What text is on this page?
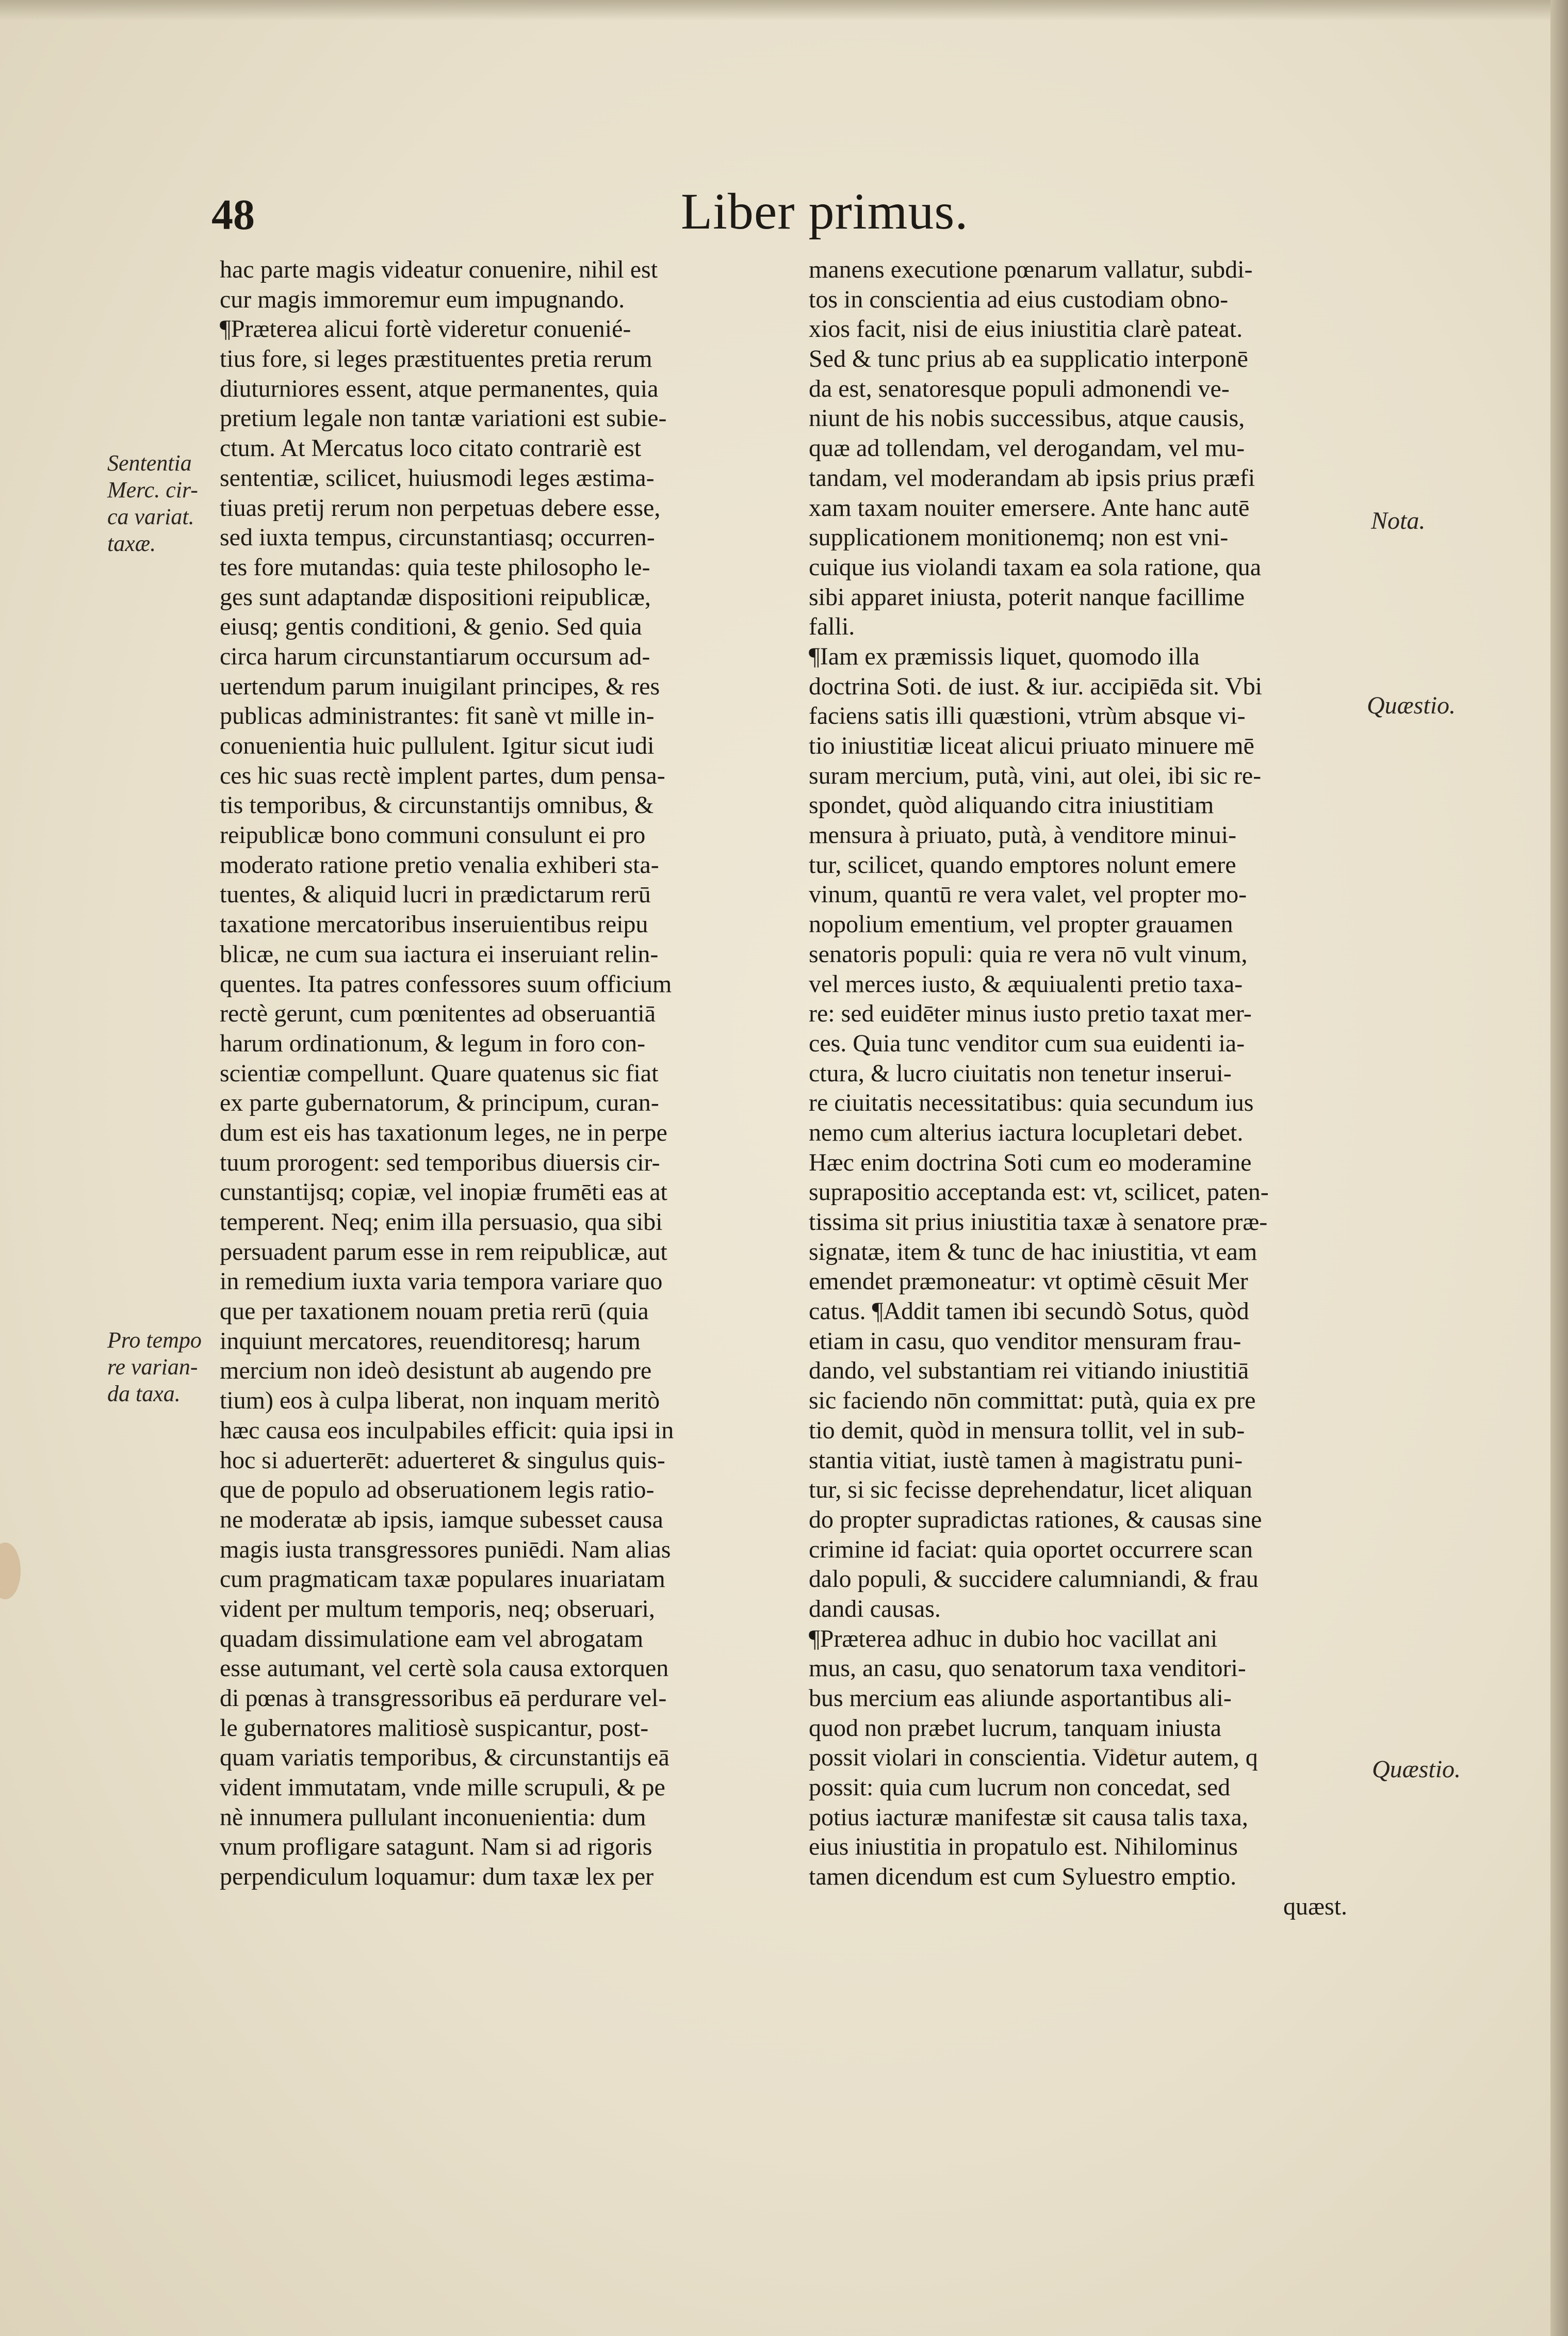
48	Liber primus.
hac parte magis videatur conuenire, nihil est
cur magis immoremur eum impugnando.
¶Præterea alicui fortè videretur conuenié-
tius fore, si leges præstituentes pretia rerum
diuturniores essent, atque permanentes, quia
pretium legale non tantæ variationi est subie-
ctum. At Mercatus loco citato contrariè est
sententiæ, scilicet, huiusmodi leges æstima-
tiuas pretij rerum non perpetuas debere esse,
sed iuxta tempus, circunstantiasq; occurren-
tes fore mutandas: quia teste philosopho le-
ges sunt adaptandæ dispositioni reipublicæ,
eiusq; gentis conditioni, & genio. Sed quia
circa harum circunstantiarum occursum ad-
uertendum parum inuigilant principes, & res
publicas administrantes: fit sanè vt mille in-
conuenientia huic pullulent. Igitur sicut iudi
ces hic suas rectè implent partes, dum pensa-
tis temporibus, & circunstantijs omnibus, &
reipublicæ bono communi consulunt ei pro
moderato ratione pretio venalia exhiberi sta-
tuentes, & aliquid lucri in prædictarum rerū
taxatione mercatoribus inseruientibus reipu
blicæ, ne cum sua iactura ei inseruiant relin-
quentes. Ita patres confessores suum officium
rectè gerunt, cum pœnitentes ad obseruantiā
harum ordinationum, & legum in foro con-
scientiæ compellunt. Quare quatenus sic fiat
ex parte gubernatorum, & principum, curan-
dum est eis has taxationum leges, ne in perpe
tuum prorogent: sed temporibus diuersis cir-
cunstantijsq; copiæ, vel inopiæ frumēti eas at
temperent. Neq; enim illa persuasio, qua sibi
persuadent parum esse in rem reipublicæ, aut
in remedium iuxta varia tempora variare quo
que per taxationem nouam pretia rerū (quia
inquiunt mercatores, reuenditoresq; harum
mercium non ideò desistunt ab augendo pre
tium) eos à culpa liberat, non inquam meritò
hæc causa eos inculpabiles efficit: quia ipsi in
hoc si aduerterēt: aduerteret & singulus quis-
que de populo ad obseruationem legis ratio-
ne moderatæ ab ipsis, iamque subesset causa
magis iusta transgressores puniēdi. Nam alias
cum pragmaticam taxæ populares inuariatam
vident per multum temporis, neq; obseruari,
quadam dissimulatione eam vel abrogatam
esse autumant, vel certè sola causa extorquen
di pœnas à transgressoribus eā perdurare vel-
le gubernatores malitiosè suspicantur, post-
quam variatis temporibus, & circunstantijs eā
vident immutatam, vnde mille scrupuli, & pe
nè innumera pullulant inconuenientia: dum
vnum profligare satagunt. Nam si ad rigoris
perpendiculum loquamur: dum taxæ lex per
manens executione pœnarum vallatur, subdi-
tos in conscientia ad eius custodiam obno-
xios facit, nisi de eius iniustitia clarè pateat.
Sed & tunc prius ab ea supplicatio interponē
da est, senatoresque populi admonendi ve-
niunt de his nobis successibus, atque causis,
quæ ad tollendam, vel derogandam, vel mu-
tandam, vel moderandam ab ipsis prius præfi
xam taxam nouiter emersere. Ante hanc autē
supplicationem monitionemq; non est vni-
cuique ius violandi taxam ea sola ratione, qua
sibi apparet iniusta, poterit nanque facillime
falli.
¶Iam ex præmissis liquet, quomodo illa
doctrina Soti. de iust. & iur. accipiēda sit. Vbi
faciens satis illi quæstioni, vtrùm absque vi-
tio iniustitiæ liceat alicui priuato minuere mē
suram mercium, putà, vini, aut olei, ibi sic re-
spondet, quòd aliquando citra iniustitiam
mensura à priuato, putà, à venditore minui-
tur, scilicet, quando emptores nolunt emere
vinum, quantū re vera valet, vel propter mo-
nopolium ementium, vel propter grauamen
senatoris populi: quia re vera nō vult vinum,
vel merces iusto, & æquiualenti pretio taxa-
re: sed euidēter minus iusto pretio taxat mer-
ces. Quia tunc venditor cum sua euidenti ia-
ctura, & lucro ciuitatis non tenetur inserui-
re ciuitatis necessitatibus: quia secundum ius
nemo cum alterius iactura locupletari debet.
Hæc enim doctrina Soti cum eo moderamine
suprapositio acceptanda est: vt, scilicet, paten-
tissima sit prius iniustitia taxæ à senatore præ-
signatæ, item & tunc de hac iniustitia, vt eam
emendet præmoneatur: vt optimè cēsuit Mer
catus. ¶Addit tamen ibi secundò Sotus, quòd
etiam in casu, quo venditor mensuram frau-
dando, vel substantiam rei vitiando iniustitiā
sic faciendo nōn committat: putà, quia ex pre
tio demit, quòd in mensura tollit, vel in sub-
stantia vitiat, iustè tamen à magistratu puni-
tur, si sic fecisse deprehendatur, licet aliquan
do propter supradictas rationes, & causas sine
crimine id faciat: quia oportet occurrere scan
dalo populi, & succidere calumniandi, & frau
dandi causas.
¶Præterea adhuc in dubio hoc vacillat ani
mus, an casu, quo senatorum taxa venditori-
bus mercium eas aliunde asportantibus ali-
quod non præbet lucrum, tanquam iniusta
possit violari in conscientia. Videtur autem, q
possit: quia cum lucrum non concedat, sed
potius iacturæ manifestæ sit causa talis taxa,
eius iniustitia in propatulo est. Nihilominus
tamen dicendum est cum Syluestro emptio.
quæst.
Sententia
Merc. cir-
ca variat.
taxæ.
Pro tempo
re varian-
da taxa.
Nota.
Quæstio.
Quæstio.
